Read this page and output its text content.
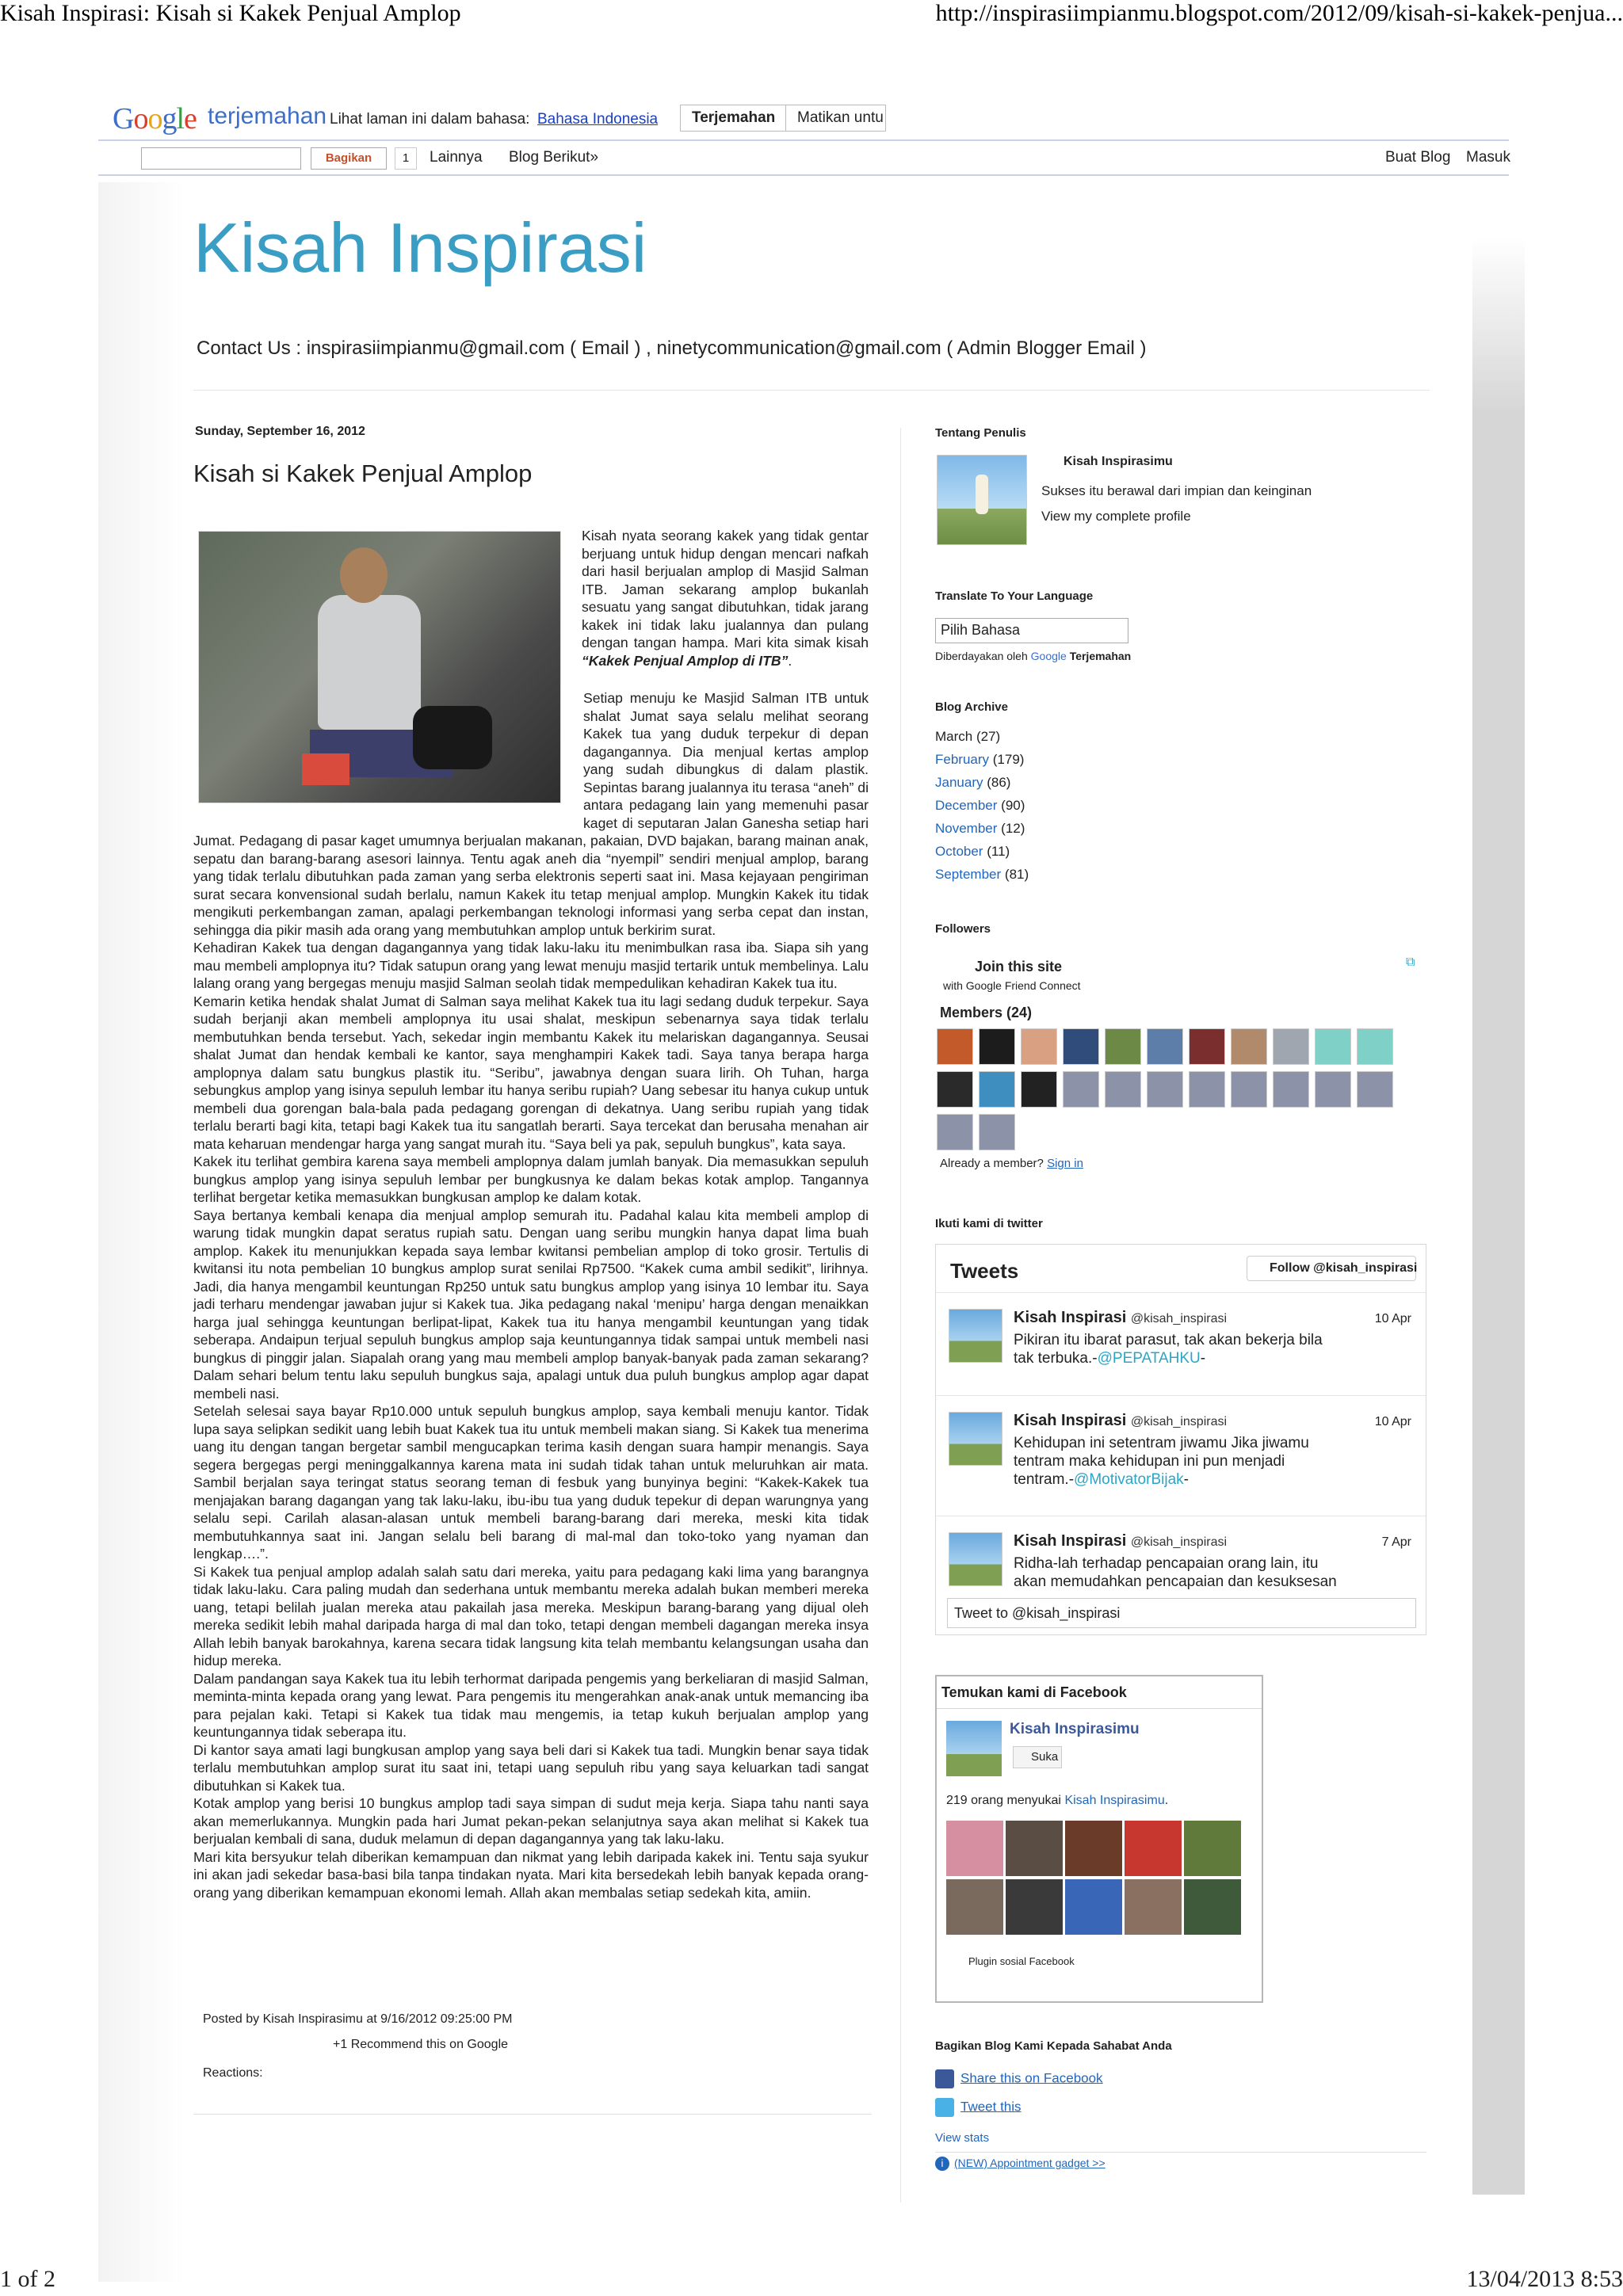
Kisah Inspirasi: Kisah si Kakek Penjual Amplop	http://inspirasiimpianmu.blogspot.com/2012/09/kisah-si-kakek-penjua...
Google terjemahan Lihat laman ini dalam bahasa: Bahasa Indonesia	Terjemahan	Matikan untu
Bagikan	1	Lainnya Blog Berikut»	Buat Blog Masuk
Kisah Inspirasi
Contact Us : inspirasiimpianmu@gmail.com ( Email ) , ninetycommunication@gmail.com ( Admin Blogger Email )
Sunday, September 16, 2012
Kisah si Kakek Penjual Amplop
Kisah nyata seorang kakek yang tidak gentar berjuang untuk hidup dengan mencari nafkah dari hasil berjualan amplop di Masjid Salman ITB. Jaman sekarang amplop bukanlah sesuatu yang sangat dibutuhkan, tidak jarang kakek ini tidak laku jualannya dan pulang dengan tangan hampa. Mari kita simak kisah “Kakek Penjual Amplop di ITB”.

Setiap menuju ke Masjid Salman ITB untuk shalat Jumat saya selalu melihat seorang Kakek tua yang duduk terpekur di depan dagangannya. Dia menjual kertas amplop yang sudah dibungkus di dalam plastik. Sepintas barang jualannya itu terasa “aneh” di antara pedagang lain yang memenuhi pasar kaget di seputaran Jalan Ganesha setiap hari Jumat. Pedagang di pasar kaget umumnya berjualan makanan, pakaian, DVD bajakan, barang mainan anak, sepatu dan barang-barang asesori lainnya. Tentu agak aneh dia “nyempil” sendiri menjual amplop, barang yang tidak terlalu dibutuhkan pada zaman yang serba elektronis seperti saat ini. Masa kejayaan pengiriman surat secara konvensional sudah berlalu, namun Kakek itu tetap menjual amplop. Mungkin Kakek itu tidak mengikuti perkembangan zaman, apalagi perkembangan teknologi informasi yang serba cepat dan instan, sehingga dia pikir masih ada orang yang membutuhkan amplop untuk berkirim surat.

Kehadiran Kakek tua dengan dagangannya yang tidak laku-laku itu menimbulkan rasa iba. Siapa sih yang mau membeli amplopnya itu? Tidak satupun orang yang lewat menuju masjid tertarik untuk membelinya. Lalu lalang orang yang bergegas menuju masjid Salman seolah tidak mempedulikan kehadiran Kakek tua itu.

Kemarin ketika hendak shalat Jumat di Salman saya melihat Kakek tua itu lagi sedang duduk terpekur. Saya sudah berjanji akan membeli amplopnya itu usai shalat, meskipun sebenarnya saya tidak terlalu membutuhkan benda tersebut. Yach, sekedar ingin membantu Kakek itu melariskan dagangannya. Seusai shalat Jumat dan hendak kembali ke kantor, saya menghampiri Kakek tadi. Saya tanya berapa harga amplopnya dalam satu bungkus plastik itu. “Seribu”, jawabnya dengan suara lirih. Oh Tuhan, harga sebungkus amplop yang isinya sepuluh lembar itu hanya seribu rupiah? Uang sebesar itu hanya cukup untuk membeli dua gorengan bala-bala pada pedagang gorengan di dekatnya. Uang seribu rupiah yang tidak terlalu berarti bagi kita, tetapi bagi Kakek tua itu sangatlah berarti. Saya tercekat dan berusaha menahan air mata keharuan mendengar harga yang sangat murah itu. “Saya beli ya pak, sepuluh bungkus”, kata saya.

Kakek itu terlihat gembira karena saya membeli amplopnya dalam jumlah banyak. Dia memasukkan sepuluh bungkus amplop yang isinya sepuluh lembar per bungkusnya ke dalam bekas kotak amplop. Tangannya terlihat bergetar ketika memasukkan bungkusan amplop ke dalam kotak.

Saya bertanya kembali kenapa dia menjual amplop semurah itu. Padahal kalau kita membeli amplop di warung tidak mungkin dapat seratus rupiah satu. Dengan uang seribu mungkin hanya dapat lima buah amplop. Kakek itu menunjukkan kepada saya lembar kwitansi pembelian amplop di toko grosir. Tertulis di kwitansi itu nota pembelian 10 bungkus amplop surat senilai Rp7500. “Kakek cuma ambil sedikit”, lirihnya. Jadi, dia hanya mengambil keuntungan Rp250 untuk satu bungkus amplop yang isinya 10 lembar itu. Saya jadi terharu mendengar jawaban jujur si Kakek tua. Jika pedagang nakal ‘menipu’ harga dengan menaikkan harga jual sehingga keuntungan berlipat-lipat, Kakek tua itu hanya mengambil keuntungan yang tidak seberapa. Andaipun terjual sepuluh bungkus amplop saja keuntungannya tidak sampai untuk membeli nasi bungkus di pinggir jalan. Siapalah orang yang mau membeli amplop banyak-banyak pada zaman sekarang? Dalam sehari belum tentu laku sepuluh bungkus saja, apalagi untuk dua puluh bungkus amplop agar dapat membeli nasi.

Setelah selesai saya bayar Rp10.000 untuk sepuluh bungkus amplop, saya kembali menuju kantor. Tidak lupa saya selipkan sedikit uang lebih buat Kakek tua itu untuk membeli makan siang. Si Kakek tua menerima uang itu dengan tangan bergetar sambil mengucapkan terima kasih dengan suara hampir menangis. Saya segera bergegas pergi meninggalkannya karena mata ini sudah tidak tahan untuk meluruhkan air mata. Sambil berjalan saya teringat status seorang teman di fesbuk yang bunyinya begini: “Kakek-Kakek tua menjajakan barang dagangan yang tak laku-laku, ibu-ibu tua yang duduk tepekur di depan warungnya yang selalu sepi. Carilah alasan-alasan untuk membeli barang-barang dari mereka, meski kita tidak membutuhkannya saat ini. Jangan selalu beli barang di mal-mal dan toko-toko yang nyaman dan lengkap….”.

Si Kakek tua penjual amplop adalah salah satu dari mereka, yaitu para pedagang kaki lima yang barangnya tidak laku-laku. Cara paling mudah dan sederhana untuk membantu mereka adalah bukan memberi mereka uang, tetapi belilah jualan mereka atau pakailah jasa mereka. Meskipun barang-barang yang dijual oleh mereka sedikit lebih mahal daripada harga di mal dan toko, tetapi dengan membeli dagangan mereka insya Allah lebih banyak barokahnya, karena secara tidak langsung kita telah membantu kelangsungan usaha dan hidup mereka.

Dalam pandangan saya Kakek tua itu lebih terhormat daripada pengemis yang berkeliaran di masjid Salman, meminta-minta kepada orang yang lewat. Para pengemis itu mengerahkan anak-anak untuk memancing iba para pejalan kaki. Tetapi si Kakek tua tidak mau mengemis, ia tetap kukuh berjualan amplop yang keuntungannya tidak seberapa itu.

Di kantor saya amati lagi bungkusan amplop yang saya beli dari si Kakek tua tadi. Mungkin benar saya tidak terlalu membutuhkan amplop surat itu saat ini, tetapi uang sepuluh ribu yang saya keluarkan tadi sangat dibutuhkan si Kakek tua.

Kotak amplop yang berisi 10 bungkus amplop tadi saya simpan di sudut meja kerja. Siapa tahu nanti saya akan memerlukannya. Mungkin pada hari Jumat pekan-pekan selanjutnya saya akan melihat si Kakek tua berjualan kembali di sana, duduk melamun di depan dagangannya yang tak laku-laku.

Mari kita bersyukur telah diberikan kemampuan dan nikmat yang lebih daripada kakek ini. Tentu saja syukur ini akan jadi sekedar basa-basi bila tanpa tindakan nyata. Mari kita bersedekah lebih banyak kepada orang-orang yang diberikan kemampuan ekonomi lemah. Allah akan membalas setiap sedekah kita, amiin.

Posted by Kisah Inspirasimu at 9/16/2012 09:25:00 PM
+1 Recommend this on Google
Reactions:
Tentang Penulis
Kisah Inspirasimu
Sukses itu berawal dari impian dan keinginan
View my complete profile
Translate To Your Language
Pilih Bahasa
Diberdayakan oleh Google Terjemahan
Blog Archive
March (27)
February (179)
January (86)
December (90)
November (12)
October (11)
September (81)
Followers
Join this site
with Google Friend Connect
⧉
Members (24)
Already a member? Sign in
Ikuti kami di twitter
Tweets	Follow @kisah_inspirasi
Kisah Inspirasi @kisah_inspirasi	10 Apr
Pikiran itu ibarat parasut, tak akan bekerja bila tak terbuka.-@PEPATAHKU-
Kisah Inspirasi @kisah_inspirasi	10 Apr
Kehidupan ini setentram jiwamu Jika jiwamu tentram maka kehidupan ini pun menjadi tentram.-@MotivatorBijak-
Kisah Inspirasi @kisah_inspirasi	7 Apr
Ridha-lah terhadap pencapaian orang lain, itu akan memudahkan pencapaian dan kesuksesan
Tweet to @kisah_inspirasi
Temukan kami di Facebook
Kisah Inspirasimu
Suka
219 orang menyukai Kisah Inspirasimu.
Plugin sosial Facebook
Bagikan Blog Kami Kepada Sahabat Anda
Share this on Facebook
Tweet this
View stats
i (NEW) Appointment gadget >>
1 of 2	13/04/2013 8:53
